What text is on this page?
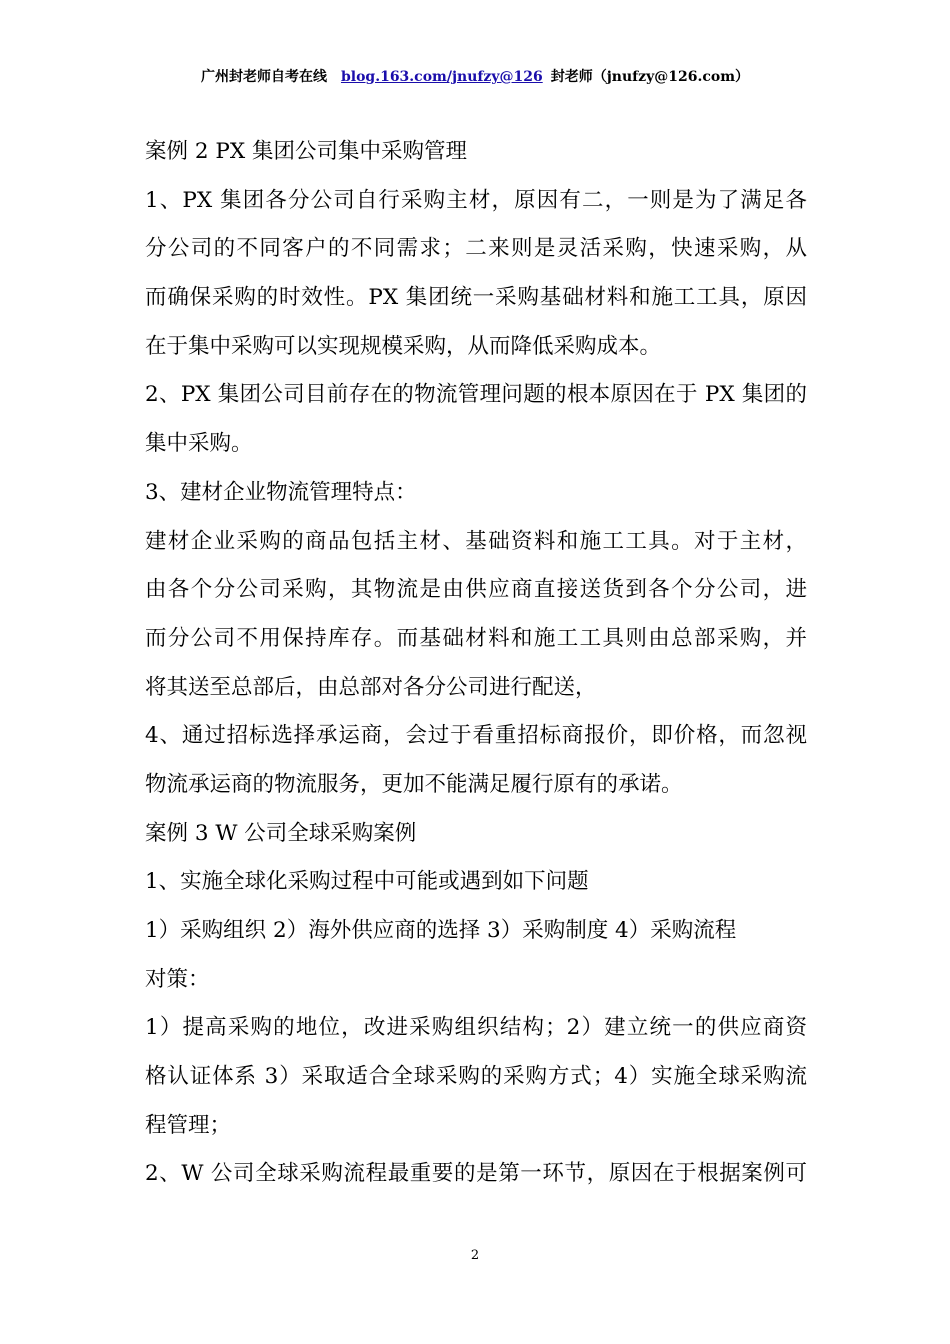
广州封老师自考在线 blog.163.com/jnufzy@126 封老师（jnufzy@126.com）
案例 2 PX 集团公司集中采购管理
1、PX 集团各分公司自行采购主材，原因有二，一则是为了满足各
分公司的不同客户的不同需求；二来则是灵活采购，快速采购，从
而确保采购的时效性。PX 集团统一采购基础材料和施工工具，原因
在于集中采购可以实现规模采购，从而降低采购成本。
2、PX 集团公司目前存在的物流管理问题的根本原因在于 PX 集团的
集中采购。
3、建材企业物流管理特点：
建材企业采购的商品包括主材、基础资料和施工工具。对于主材，
由各个分公司采购，其物流是由供应商直接送货到各个分公司，进
而分公司不用保持库存。而基础材料和施工工具则由总部采购，并
将其送至总部后，由总部对各分公司进行配送，
4、通过招标选择承运商，会过于看重招标商报价，即价格，而忽视
物流承运商的物流服务，更加不能满足履行原有的承诺。
案例 3 W 公司全球采购案例
1、实施全球化采购过程中可能或遇到如下问题
1）采购组织 2）海外供应商的选择 3）采购制度 4）采购流程
对策：
1）提高采购的地位，改进采购组织结构；2）建立统一的供应商资
格认证体系 3）采取适合全球采购的采购方式；4）实施全球采购流
程管理；
2、W 公司全球采购流程最重要的是第一环节，原因在于根据案例可
2
